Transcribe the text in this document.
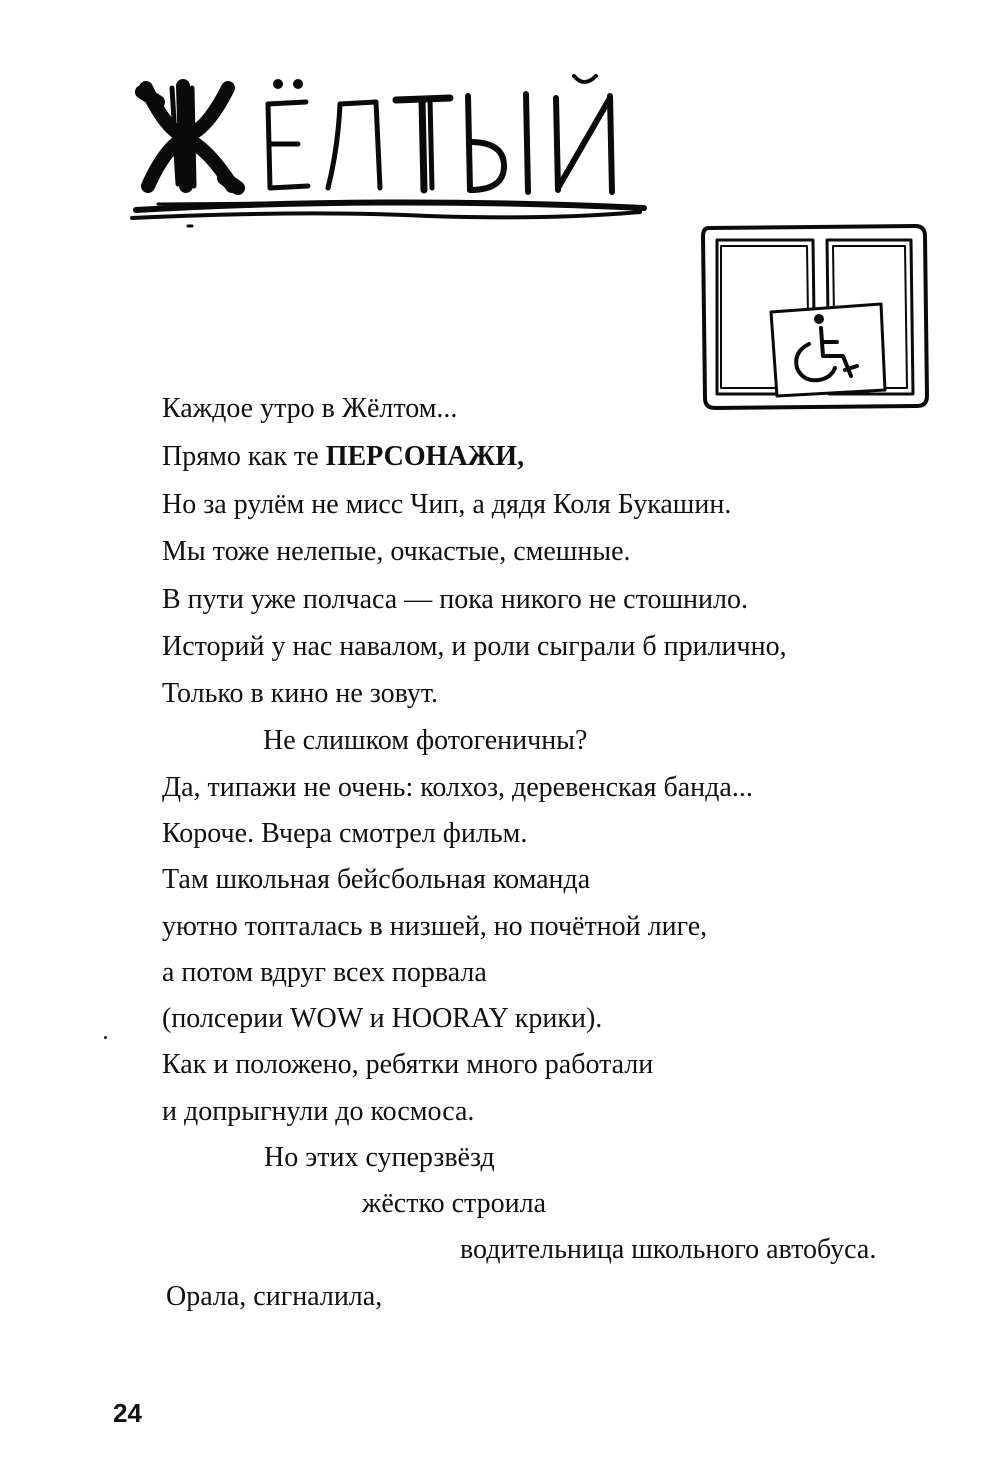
Каждое утро в Жёлтом...
Прямо как те ПЕРСОНАЖИ,
Но за рулём не мисс Чип, а дядя Коля Букашин.
Мы тоже нелепые, очкастые, смешные.
В пути уже полчаса — пока никого не стошнило.
Историй у нас навалом, и роли сыграли б прилично,
Только в кино не зовут.
Не слишком фотогеничны?
Да, типажи не очень: колхоз, деревенская банда...
Короче. Вчера смотрел фильм.
Там школьная бейсбольная команда
уютно топталась в низшей, но почётной лиге,
а потом вдруг всех порвала
(полсерии WOW и HOORAY крики).
Как и положено, ребятки много работали
и допрыгнули до космоса.
Но этих суперзвёзд
жёстко строила
водительница школьного автобуса.
Орала, сигналила,
24
